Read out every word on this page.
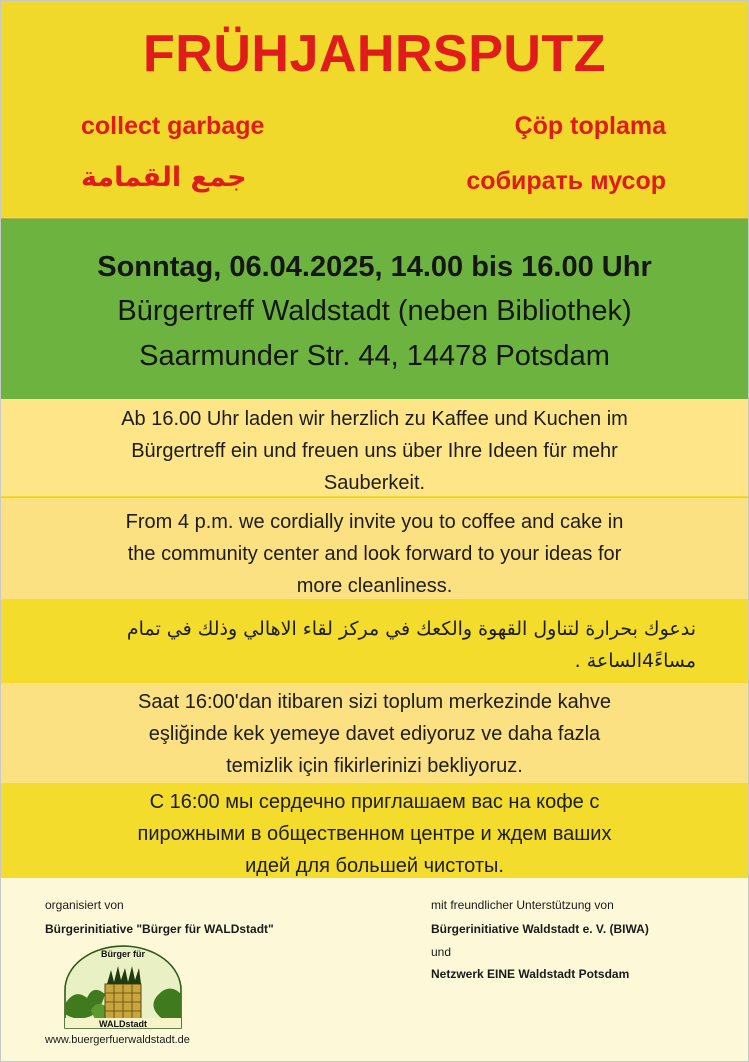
FRÜHJAHRSPUTZ
collect garbage	Çöp toplama
جمع القمامة	собирать мусор
Sonntag, 06.04.2025, 14.00 bis 16.00 Uhr
Bürgertreff Waldstadt (neben Bibliothek)
Saarmunder Str. 44, 14478 Potsdam

Ab 16.00 Uhr laden wir herzlich zu Kaffee und Kuchen im
Bürgertreff ein und freuen uns über Ihre Ideen für mehr
Sauberkeit.

From 4 p.m. we cordially invite you to coffee and cake in
the community center and look forward to your ideas for
more cleanliness.

ندعوك بحرارة لتناول القهوة والكعك في مركز لقاء الاهالي وذلك في تمام
مساءً4الساعة .

Saat 16:00'dan itibaren sizi toplum merkezinde kahve
eşliğinde kek yemeye davet ediyoruz ve daha fazla
temizlik için fikirlerinizi bekliyoruz.

С 16:00 мы сердечно приглашаем вас на кофе с
пирожными в общественном центре и ждем ваших
идей для большей чистоты.

organisiert von
Bürgerinitiative "Bürger für WALDstadt"
Bürger für
WALDstadt
www.buergerfuerwaldstadt.de
mit freundlicher Unterstützung von
Bürgerinitiative Waldstadt e. V. (BIWA)
und
Netzwerk EINE Waldstadt Potsdam
